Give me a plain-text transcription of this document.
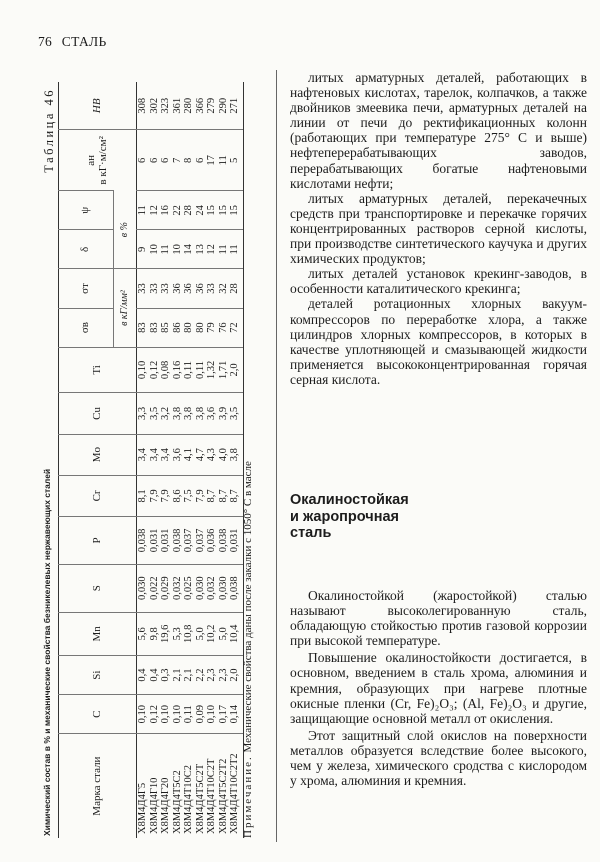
76 СТАЛЬ
Химический состав в % и механические свойства безникелевых нержавеющих сталей
Таблица 46
Марка стали	C	Si	Mn	S	P	Cr	Mo	Cu	Ti	σв	σт	δ	ψ	aн
в кГ·м/см²	HB
										в кГ/мм²		в %			
Х8М4Д4Г5	0,10	0,4	5,6	0,030	0,038	8,1	3,4	3,3	0,10	83	33	9	11	6	308
Х8М4Д4Г10	0,12	0,4	9,8	0,022	0,031	7,9	3,4	3,5	0,12	83	33	10	12	6	302
Х8М4Д4Г20	0,10	0,3	19,6	0,029	0,031	7,9	3,4	3,2	0,08	85	33	11	16	6	323
Х8М4Д4Т5С2	0,10	2,1	5,3	0,032	0,038	8,6	3,6	3,8	0,16	86	36	10	22	7	361
Х8М4Д4Т10С2	0,11	2,1	10,8	0,025	0,037	7,5	4,1	3,8	0,11	80	36	14	28	8	280
Х8М4Д4Т5С2Т	0,09	2,2	5,0	0,030	0,037	7,9	4,7	3,8	0,11	80	36	13	24	6	366
Х8М4Д4Т10С2Т	0,10	2,3	10,2	0,032	0,036	8,7	4,3	3,6	1,32	79	33	12	15	17	279
Х8М4Д4Т5С2Т2	0,17	2,3	5,0	0,030	0,038	8,7	4,0	3,9	1,71	76	32	11	15	11	290
Х8М4Д4Т10С2Т2	0,14	2,0	10,4	0,038	0,031	8,7	3,8	3,5	2,0	72	28	11	15	5	271
Примечание. Механические свойства даны после закалки с 1050° С в масле

литых арматурных деталей, работающих в нафтеновых кислотах, тарелок, колпачков, а также двойников змеевика печи, арматурных деталей на линии от печи до ректификационных колонн (работающих при температуре 275° С и выше) нефтеперерабатывающих заводов, перерабатывающих богатые нафтеновыми кислотами нефти;

литых арматурных деталей, перекачечных средств при транспортировке и перекачке горячих концентрированных растворов серной кислоты, при производстве синтетического каучука и других химических продуктов;

литых деталей установок крекинг-заводов, в особенности каталитического крекинга;

деталей ротационных хлорных вакуум-компрессоров по переработке хлора, а также цилиндров хлорных компрессоров, в которых в качестве уплотняющей и смазывающей жидкости применяется высококонцентрированная горячая серная кислота.

Окалиностойкая
и жаропрочная
сталь

Окалиностойкой (жаростойкой) сталью называют высоколегированную сталь, обладающую стойкостью против газовой коррозии при высокой температуре.

Повышение окалиностойкости достигается, в основном, введением в сталь хрома, алюминия и кремния, образующих при нагреве плотные окисные пленки (Cr, Fe)₂O₃; (Al, Fe)₂O₃ и другие, защищающие основной металл от окисления.

Этот защитный слой окислов на поверхности металлов образуется вследствие более высокого, чем у железа, химического сродства с кислородом у хрома, алюминия и кремния.
